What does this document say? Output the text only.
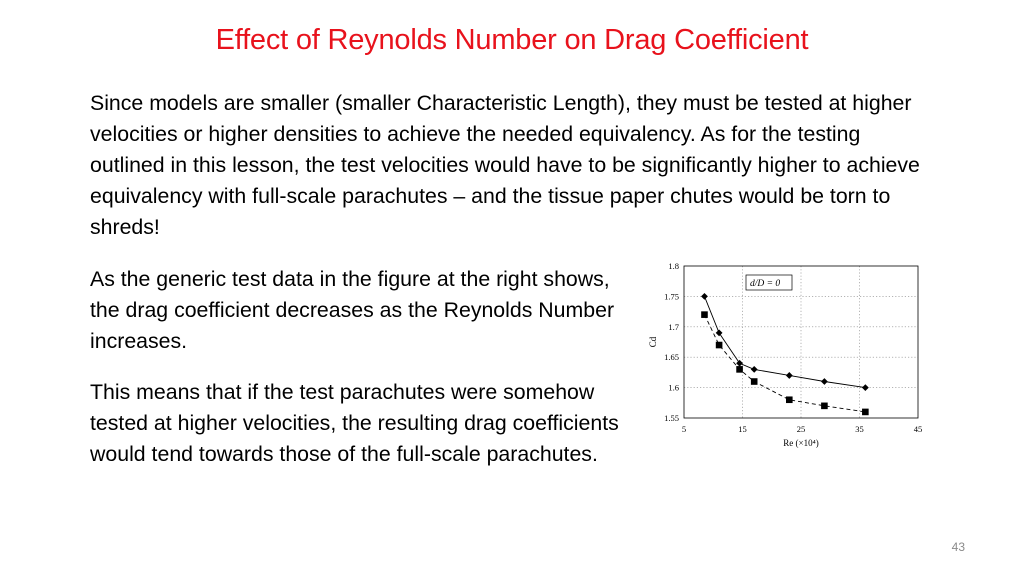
Effect of Reynolds Number on Drag Coefficient

Since models are smaller (smaller Characteristic Length), they must be tested at higher velocities or higher densities to achieve the needed equivalency. As for the testing outlined in this lesson, the test velocities would have to be significantly higher to achieve equivalency with full-scale parachutes – and the tissue paper chutes would be torn to shreds!

As the generic test data in the figure at the right shows, the drag coefficient decreases as the Reynolds Number increases.

This means that if the test parachutes were somehow tested at higher velocities, the resulting drag coefficients would tend towards those of the full-scale parachutes.

5	15	25	35	45
1.55
1.6
1.65
1.7
1.75
1.8
d/D = 0
Re (×10⁴)
Cd
43
